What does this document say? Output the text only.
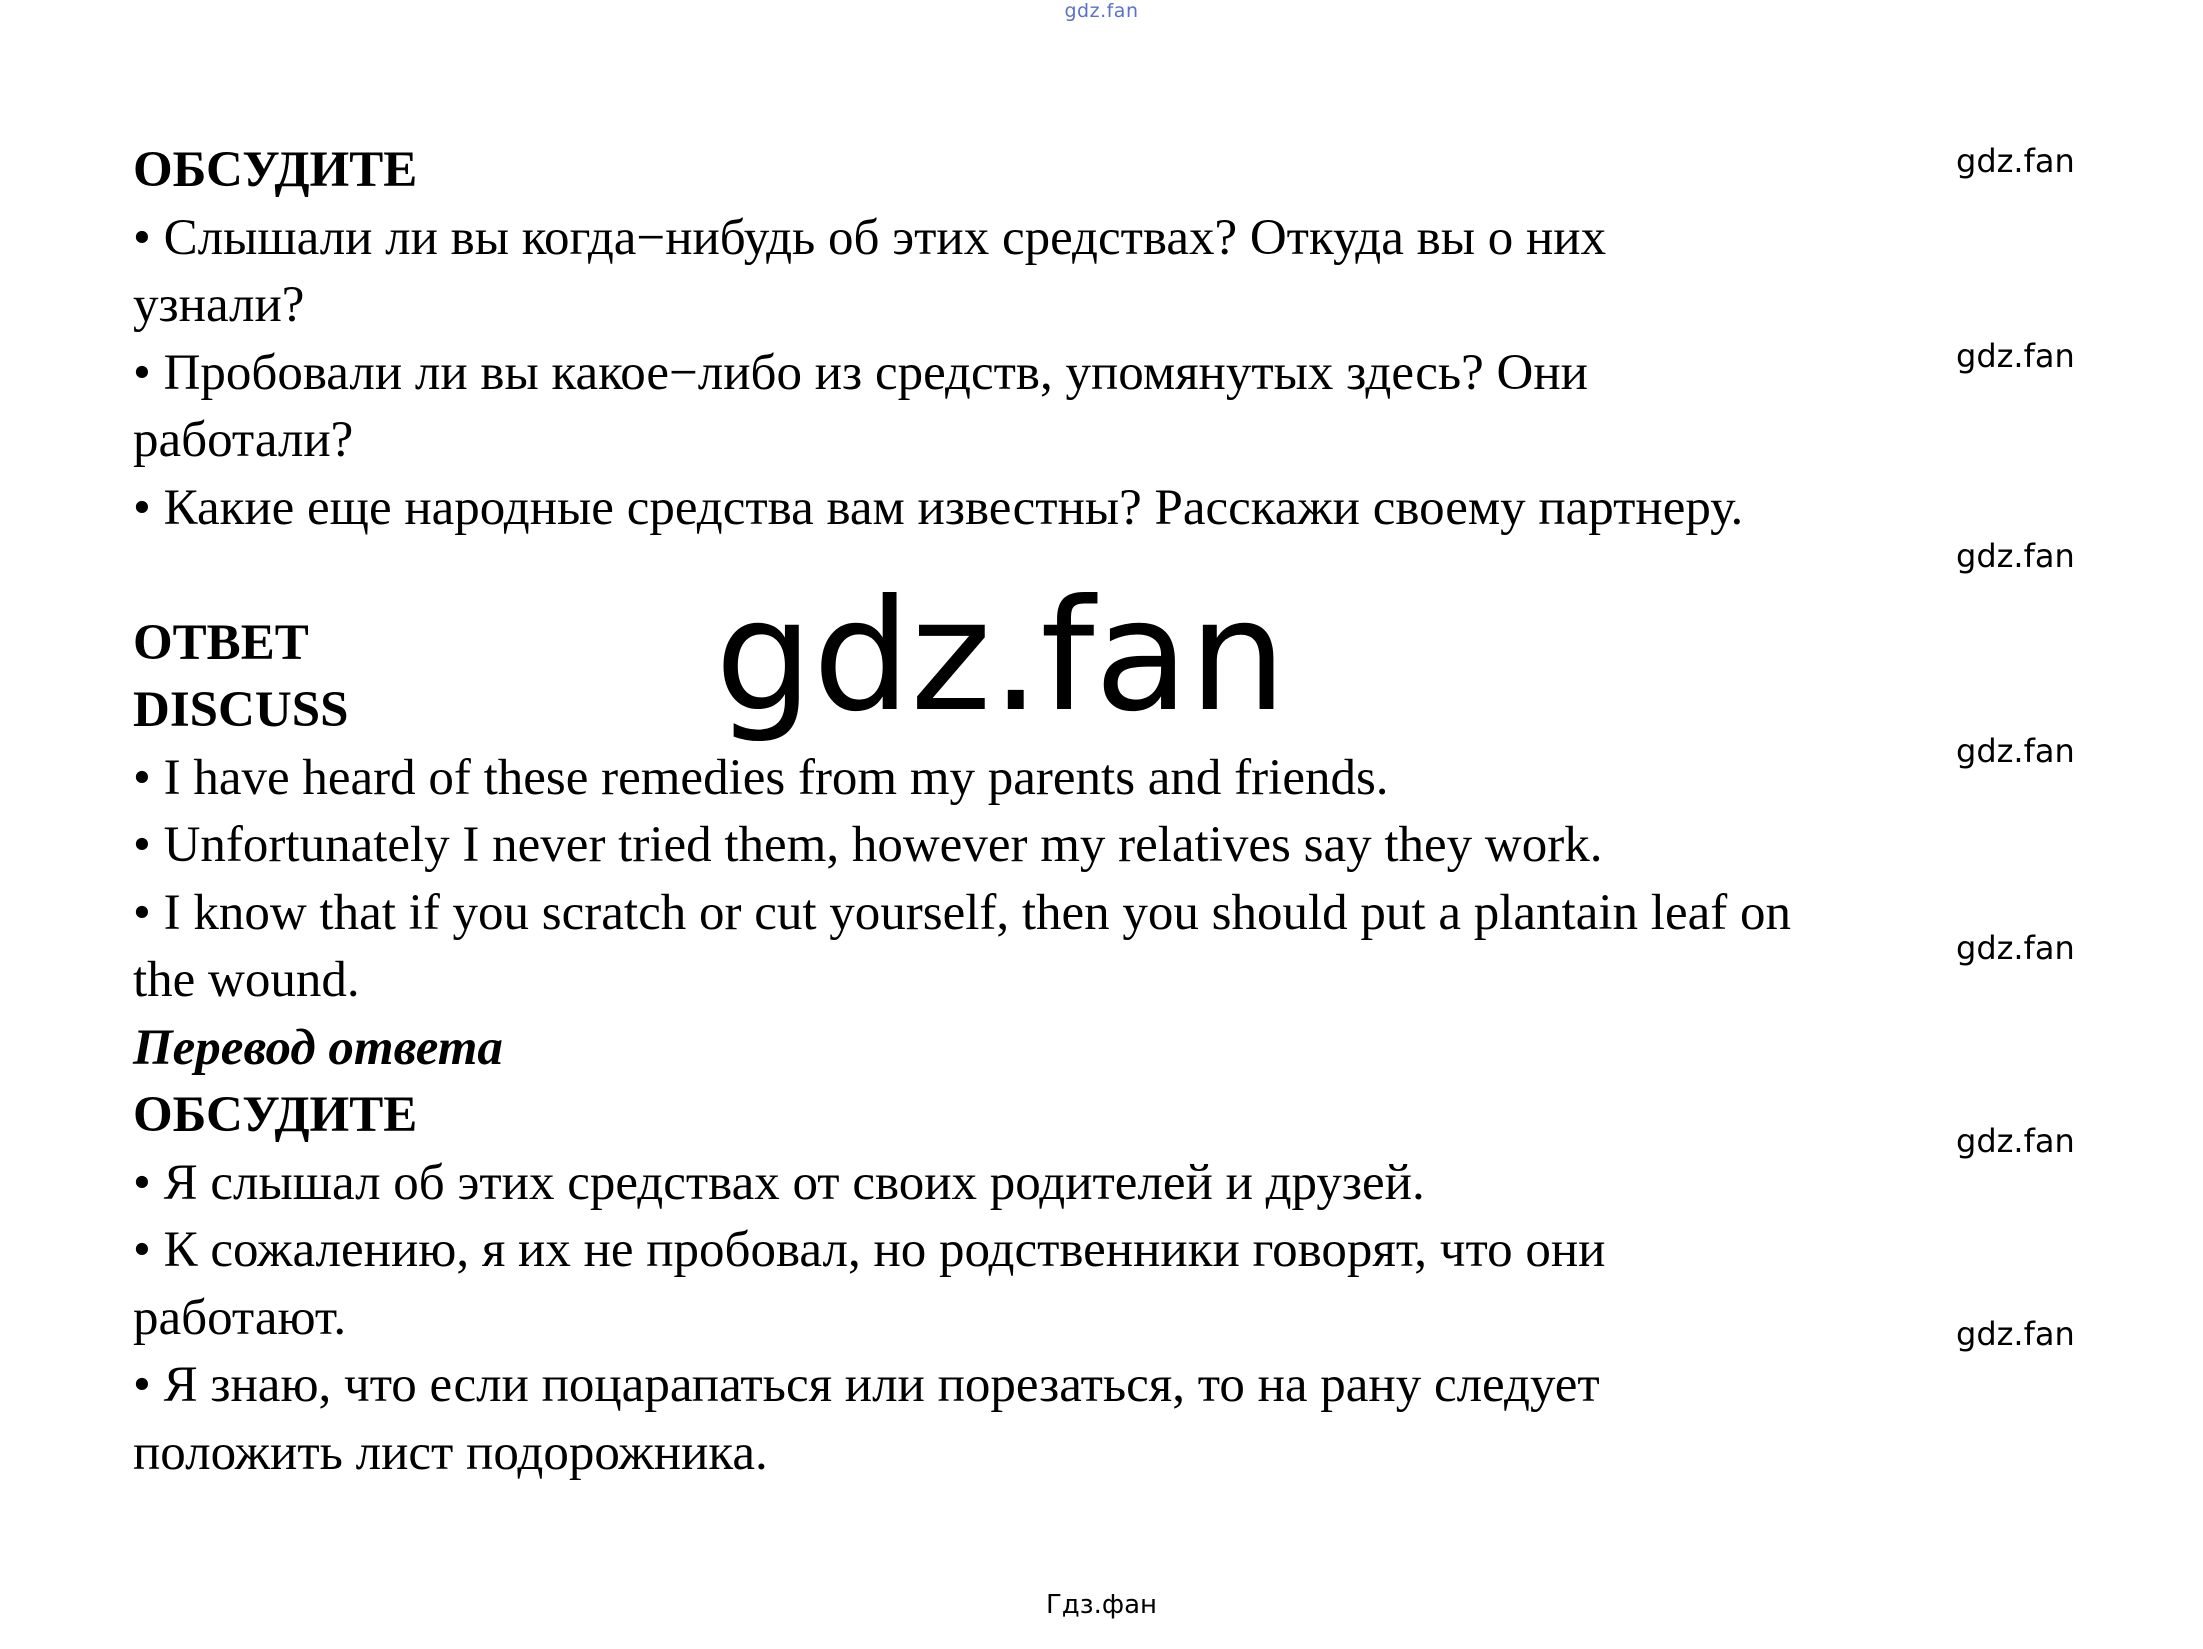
gdz.fan
ОБСУДИТЕ
• Слышали ли вы когда−нибудь об этих средствах? Откуда вы о них
узнали?
• Пробовали ли вы какое−либо из средств, упомянутых здесь? Они
работали?
• Какие еще народные средства вам известны? Расскажи своему партнеру.
ОТВЕТ
DISCUSS
• I have heard of these remedies from my parents and friends.
• Unfortunately I never tried them, however my relatives say they work.
• I know that if you scratch or cut yourself, then you should put a plantain leaf on
the wound.
Перевод ответа
ОБСУДИТЕ
• Я слышал об этих средствах от своих родителей и друзей.
• К сожалению, я их не пробовал, но родственники говорят, что они
работают.
• Я знаю, что если поцарапаться или порезаться, то на рану следует
положить лист подорожника.
gdz.fan
gdz.fan
gdz.fan
gdz.fan
gdz.fan
gdz.fan
gdz.fan
gdz.fan
Гдз.фан
